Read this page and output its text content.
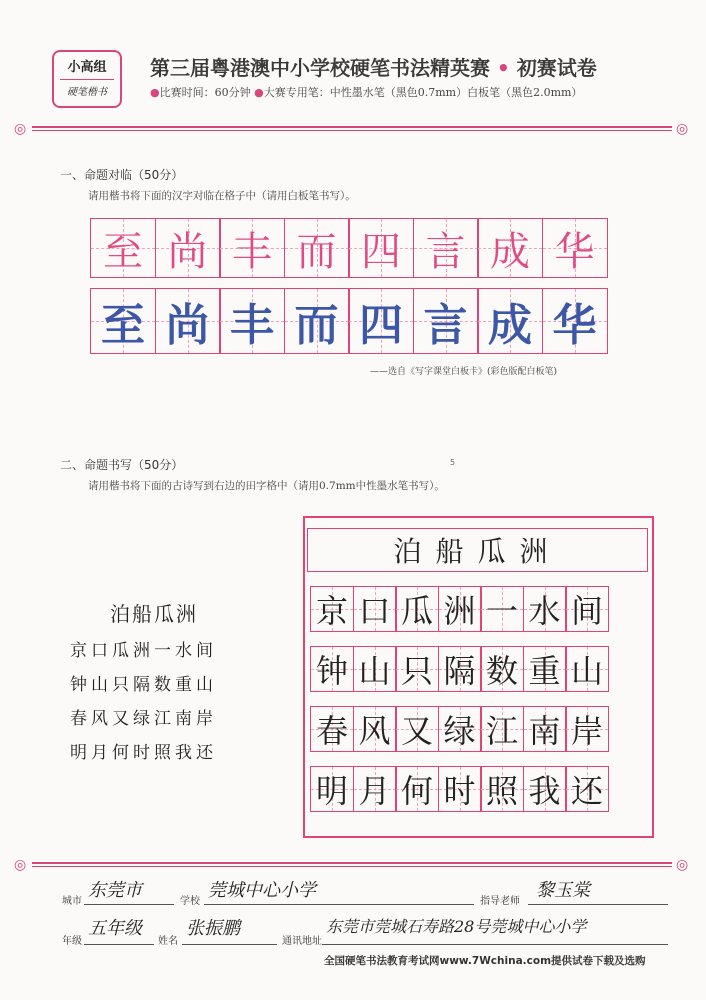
小高组
硬笔楷书
第三届粤港澳中小学校硬笔书法精英赛 • 初赛试卷
●比赛时间：60分钟 ●大赛专用笔：中性墨水笔（黑色0.7mm）白板笔（黑色2.0mm）
◎	◎
一、命题对临（50分）
请用楷书将下面的汉字对临在格子中（请用白板笔书写）。
至 尚 丰 而 四 言 成 华
至 尚 丰 而 四 言 成 华
——选自《写字课堂白板卡》(彩色版配白板笔)
二、命题书写（50分）	5
请用楷书将下面的古诗写到右边的田字格中（请用0.7mm中性墨水笔书写）。
泊船瓜洲
京口瓜洲一水间
钟山只隔数重山
春风又绿江南岸
明月何时照我还
泊船瓜洲
京 口 瓜 洲 一 水 间
钟 山 只 隔 数 重 山
春 风 又 绿 江 南 岸
明 月 何 时 照 我 还
◎	◎
城市
东莞市
学校
莞城中心小学
指导老师
黎玉棠
年级
五年级
姓名
张振鹏
通讯地址
东莞市莞城石寿路28号莞城中心小学
全国硬笔书法教育考试网www.7Wchina.com提供试卷下载及选购
